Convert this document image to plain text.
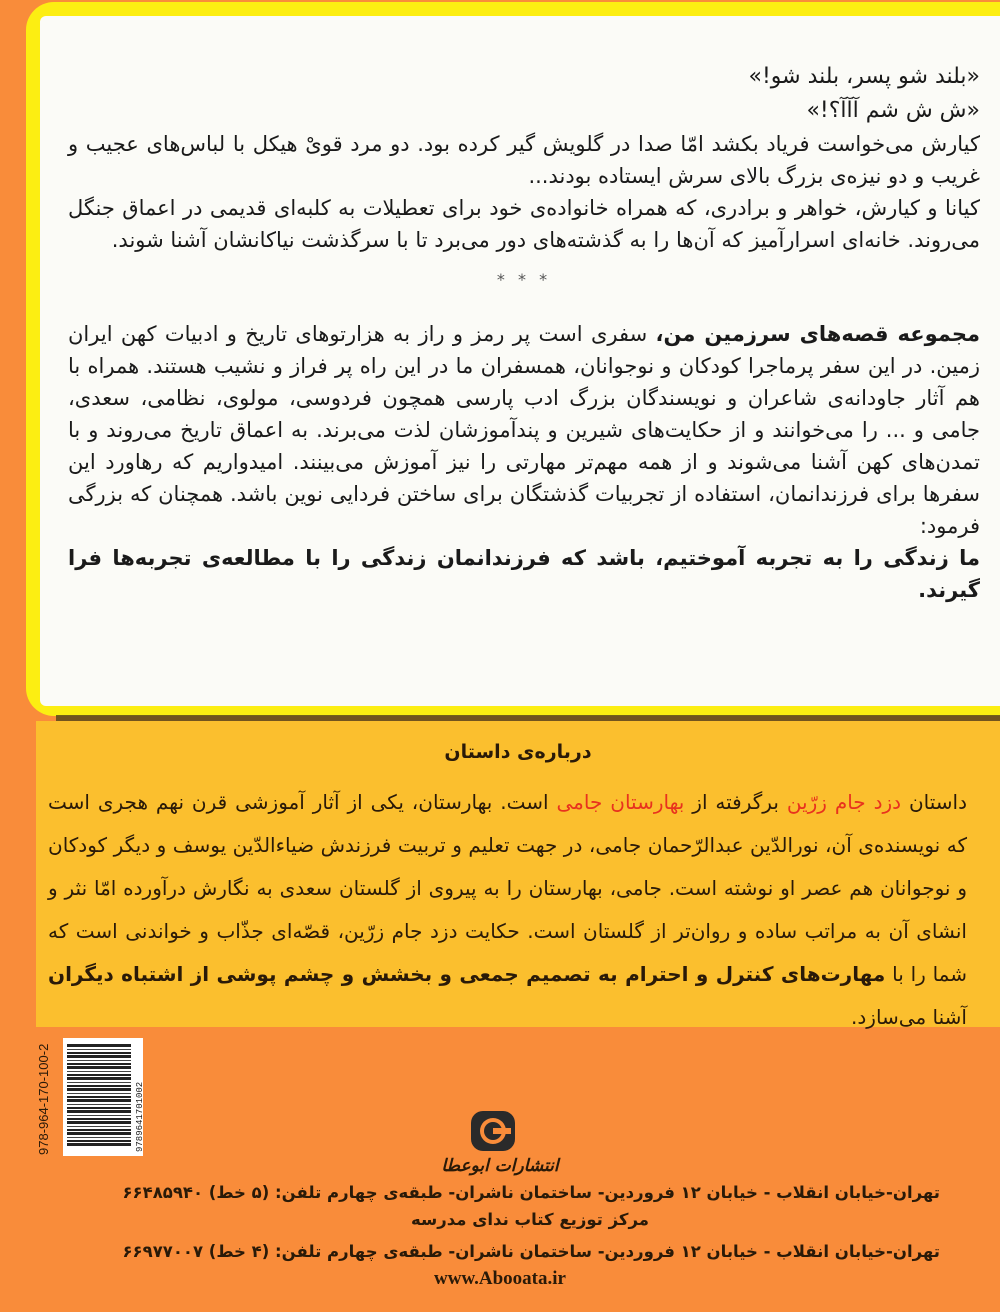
«بلند شو پسر، بلند شو!»

«ش ش شم آآآ؟!»

کیارش می‌خواست فریاد بکشد امّا صدا در گلویش گیر کرده بود. دو مرد قویْ هیکل با لباس‌های عجیب و غریب و دو نیزه‌ی بزرگ بالای سرش ایستاده بودند...

کیانا و کیارش، خواهر و برادری، که همراه خانواده‌ی خود برای تعطیلات به کلبه‌ای قدیمی در اعماق جنگل می‌روند. خانه‌ای اسرارآمیز که آن‌ها را به گذشته‌های دور می‌برد تا با سرگذشت نیاکانشان آشنا شوند.

* * *

مجموعه قصه‌های سرزمین من، سفری است پر رمز و راز به هزارتوهای تاریخ و ادبیات کهن ایران زمین. در این سفر پرماجرا کودکان و نوجوانان، همسفران ما در این راه پر فراز و نشیب هستند. همراه با هم آثار جاودانه‌ی شاعران و نویسندگان بزرگ ادب پارسی همچون فردوسی، مولوی، نظامی، سعدی، جامی و ... را می‌خوانند و از حکایت‌های شیرین و پندآموزشان لذت می‌برند. به اعماق تاریخ می‌روند و با تمدن‌های کهن آشنا می‌شوند و از همه مهم‌تر مهارتی را نیز آموزش می‌بینند. امیدواریم که رهاورد این سفرها برای فرزندانمان، استفاده از تجربیات گذشتگان برای ساختن فردایی نوین باشد. همچنان که بزرگی فرمود:

ما زندگی را به تجربه آموختیم، باشد که فرزندانمان زندگی را با مطالعه‌ی تجربه‌ها فرا گیرند.

درباره‌ی داستان
داستان دزد جام زرّین برگرفته از بهارستان جامی است. بهارستان، یکی از آثار آموزشی قرن نهم هجری است که نویسنده‌ی آن، نورالدّین عبدالرّحمان جامی، در جهت تعلیم و تربیت فرزندش ضیاءالدّین یوسف و دیگر کودکان و نوجوانان هم عصر او نوشته است. جامی، بهارستان را به پیروی از گلستان سعدی به نگارش درآورده امّا نثر و انشای آن به مراتب ساده و روان‌تر از گلستان است. حکایت دزد جام زرّین، قصّه‌ای جذّاب و خواندنی است که شما را با مهارت‌های کنترل و احترام به تصمیم جمعی و بخشش و چشم پوشی از اشتباه دیگران آشنا می‌سازد.
978-964-170-100-2	9789641701002
انتشارات ابوعطا
تهران-خیابان انقلاب - خیابان ۱۲ فروردین- ساختمان ناشران- طبقه‌ی چهارم تلفن: (۵ خط) ۶۶۴۸۵۹۴۰
مرکز توزیع کتاب ندای مدرسه
تهران-خیابان انقلاب - خیابان ۱۲ فروردین- ساختمان ناشران- طبقه‌ی چهارم تلفن: (۴ خط) ۶۶۹۷۷۰۰۷
www.Abooata.ir
